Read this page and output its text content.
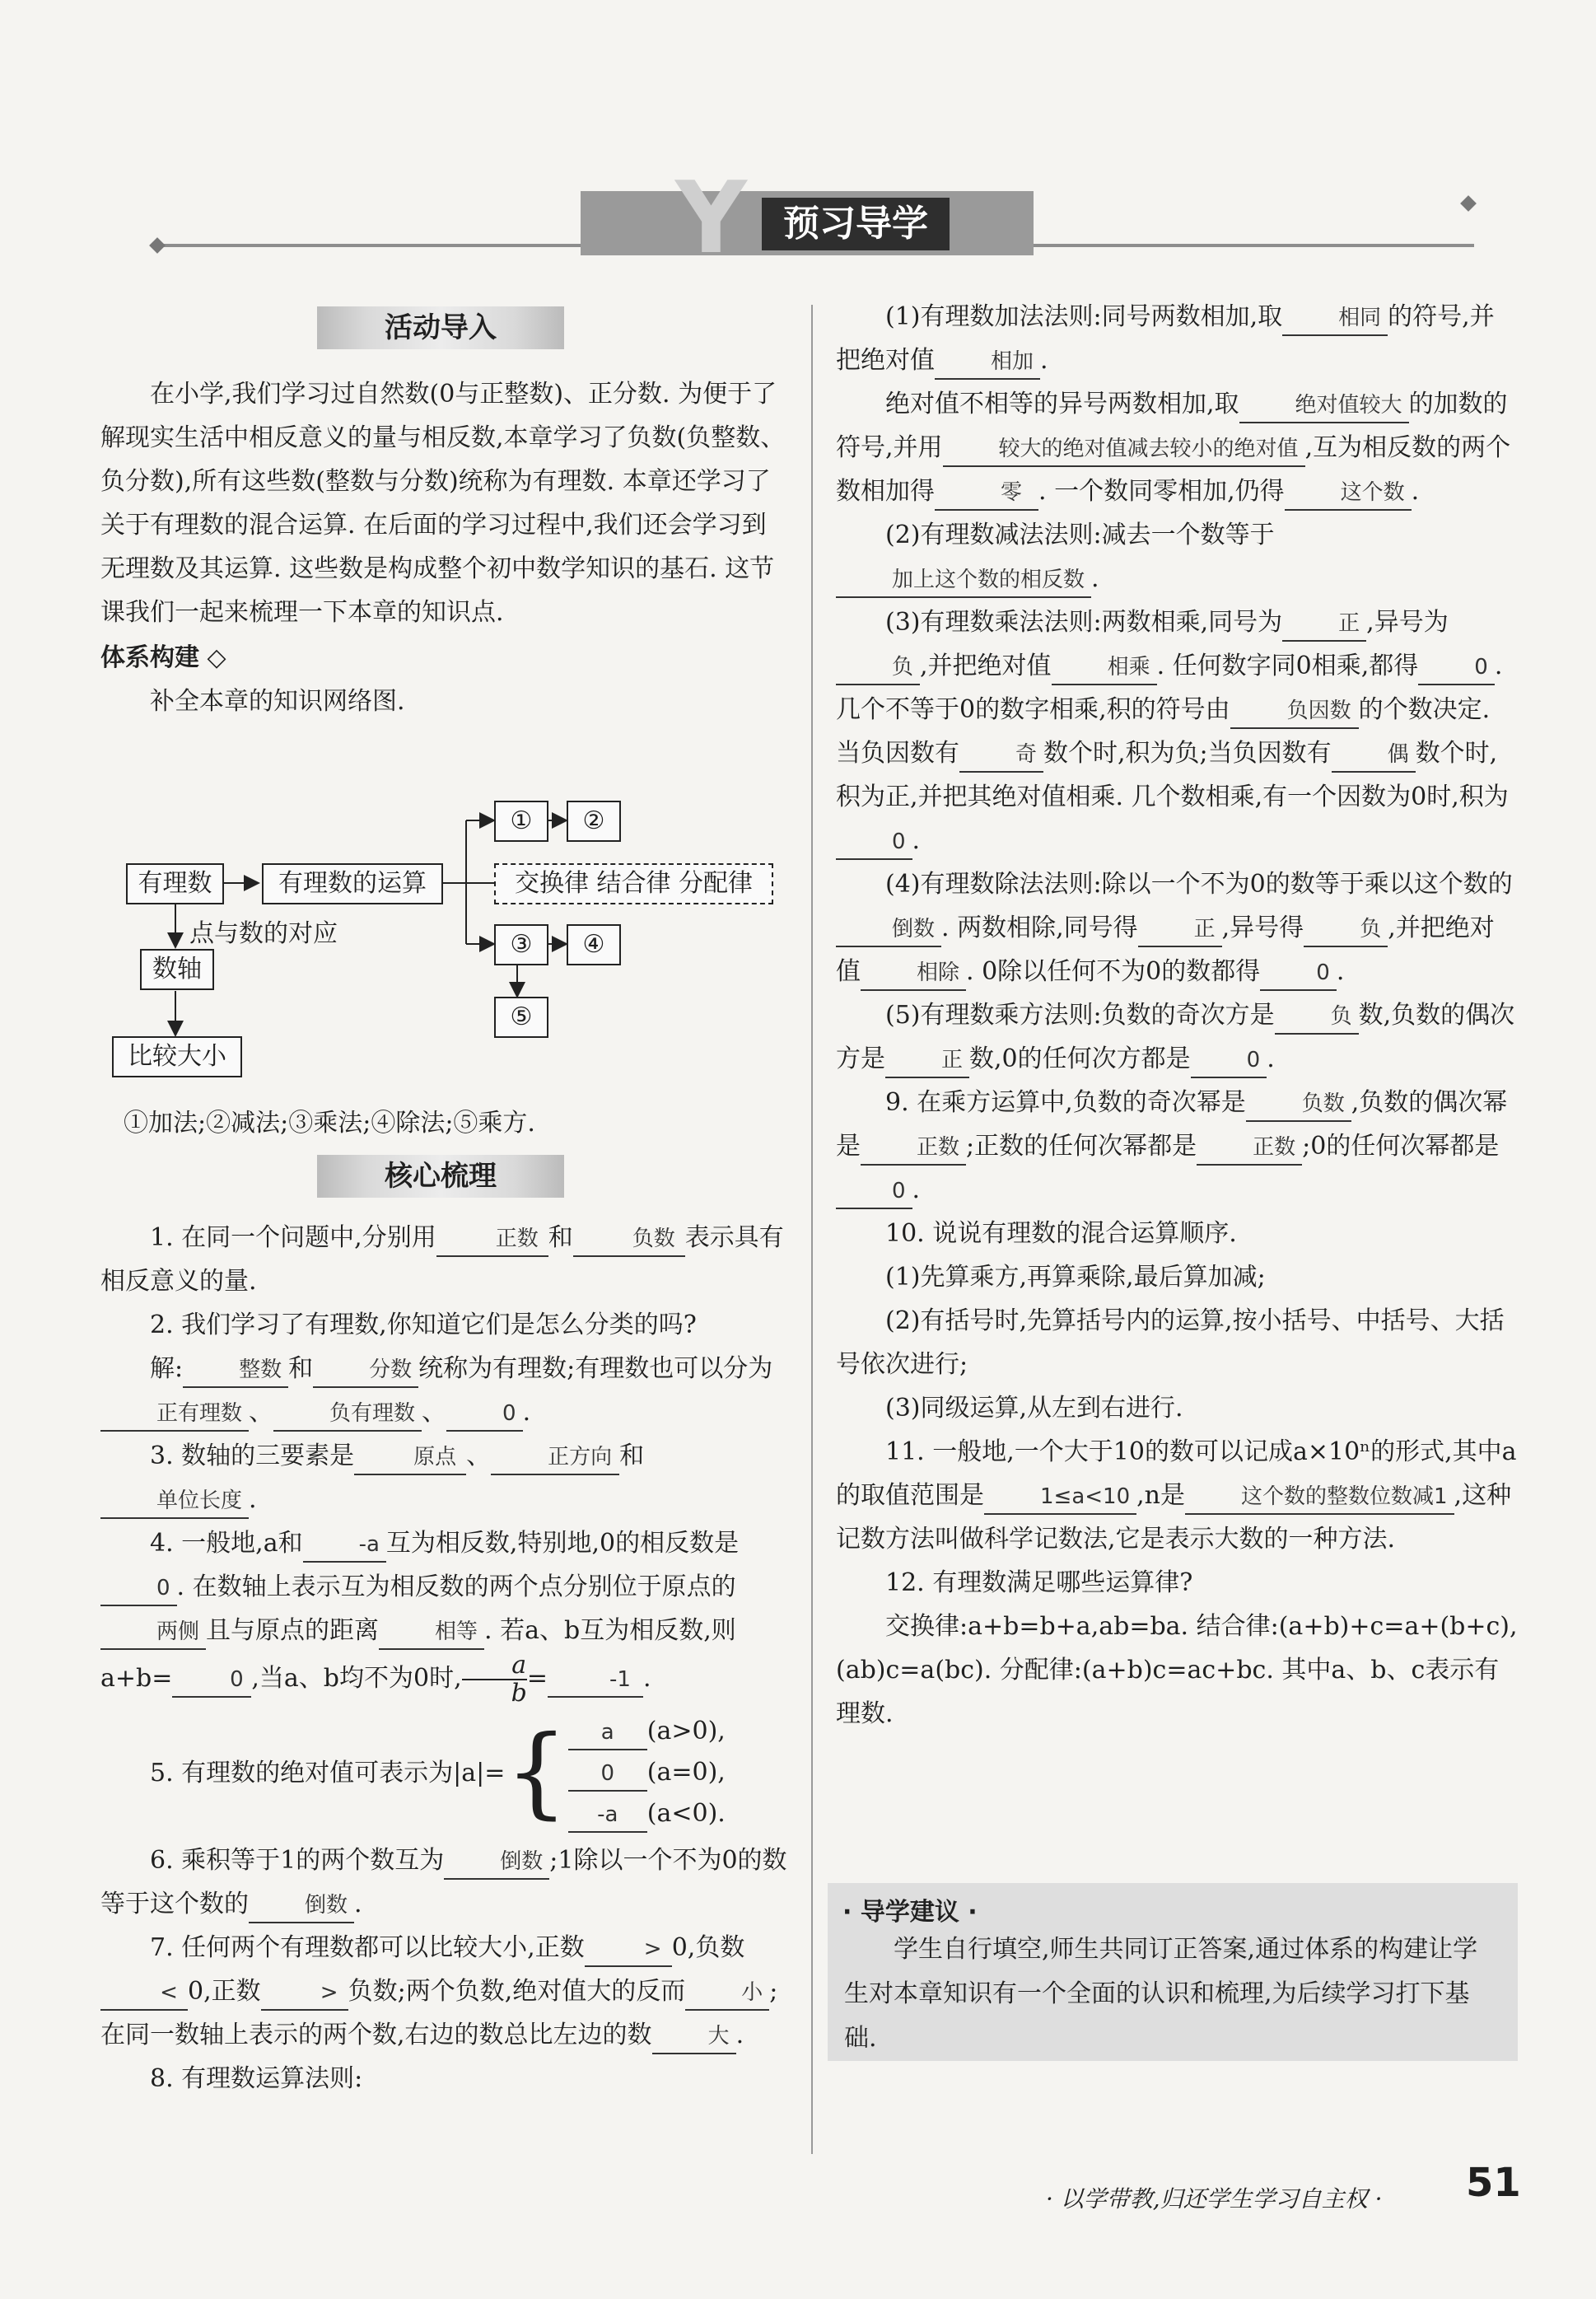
Y	预习导学
活动导入

在小学,我们学习过自然数(0与正整数)、正分数. 为便于了解现实生活中相反意义的量与相反数,本章学习了负数(负整数、负分数),所有这些数(整数与分数)统称为有理数. 本章还学习了关于有理数的混合运算. 在后面的学习过程中,我们还会学习到无理数及其运算. 这些数是构成整个初中数学知识的基石. 这节课我们一起来梳理一下本章的知识点.

体系构建 ◇

补全本章的知识网络图.

有理数	有理数的运算	交换律 结合律 分配律
①	②
③	④
⑤
点与数的对应
数轴
比较大小
①加法;②减法;③乘法;④除法;⑤乘方.
核心梳理

1. 在同一个问题中,分别用	正数 和	负数 表示具有相反意义的量.

2. 我们学习了有理数,你知道它们是怎么分类的吗?

解:	整数 和	分数 统称为有理数;有理数也可以分为正有理数 、	负有理数 、	0 .

3. 数轴的三要素是	原点 、	正方向 和单位长度 .

4. 一般地,a和	-a 互为相反数,特别地,0的相反数是0 . 在数轴上表示互为相反数的两个点分别位于原点的两侧 且与原点的距离	相等 . 若a、b互为相反数,则a+b=	0 ,当a、b均不为0时, $\frac{a}{b}$ =	-1 .

5. 有理数的绝对值可表示为|a|= {	a (a>0),
0 (a=0),
-a (a<0).

6. 乘积等于1的两个数互为	倒数 ;1除以一个不为0的数等于这个数的	倒数 .

7. 任何两个有理数都可以比较大小,正数	> 0,负数< 0,正数	> 负数;两个负数,绝对值大的反而	小 ;在同一数轴上表示的两个数,右边的数总比左边的数	大 .

8. 有理数运算法则:

(1)有理数加法法则:同号两数相加,取	相同 的符号,并把绝对值	相加 .

绝对值不相等的异号两数相加,取	绝对值较大 的加数的符号,并用	较大的绝对值减去较小的绝对值 ,互为相反数的两个数相加得	零 . 一个数同零相加,仍得	这个数 .

(2)有理数减法法则:减去一个数等于加上这个数的相反数 .

(3)有理数乘法法则:两数相乘,同号为	正 ,异号为负 ,并把绝对值	相乘 . 任何数字同0相乘,都得	0 . 几个不等于0的数字相乘,积的符号由	负因数 的个数决定. 当负因数有	奇 数个时,积为负;当负因数有	偶 数个时,积为正,并把其绝对值相乘. 几个数相乘,有一个因数为0时,积为0 .

(4)有理数除法法则:除以一个不为0的数等于乘以这个数的倒数 . 两数相除,同号得	正 ,异号得	负 ,并把绝对值	相除 . 0除以任何不为0的数都得	0 .

(5)有理数乘方法则:负数的奇次方是	负 数,负数的偶次方是	正 数,0的任何次方都是	0 .

9. 在乘方运算中,负数的奇次幂是	负数 ,负数的偶次幂是	正数 ;正数的任何次幂都是	正数 ;0的任何次幂都是0 .

10. 说说有理数的混合运算顺序.

(1)先算乘方,再算乘除,最后算加减;

(2)有括号时,先算括号内的运算,按小括号、中括号、大括号依次进行;

(3)同级运算,从左到右进行.

11. 一般地,一个大于10的数可以记成a×10ⁿ的形式,其中a的取值范围是	1≤a<10 ,n是	这个数的整数位数减1 ,这种记数方法叫做科学记数法,它是表示大数的一种方法.

12. 有理数满足哪些运算律?

交换律:a+b=b+a,ab=ba. 结合律:(a+b)+c=a+(b+c),(ab)c=a(bc). 分配律:(a+b)c=ac+bc. 其中a、b、c表示有理数.

· 导学建议 ·
学生自行填空,师生共同订正答案,通过体系的构建让学生对本章知识有一个全面的认识和梳理,为后续学习打下基础.
· 以学带教,归还学生学习自主权 · 51
